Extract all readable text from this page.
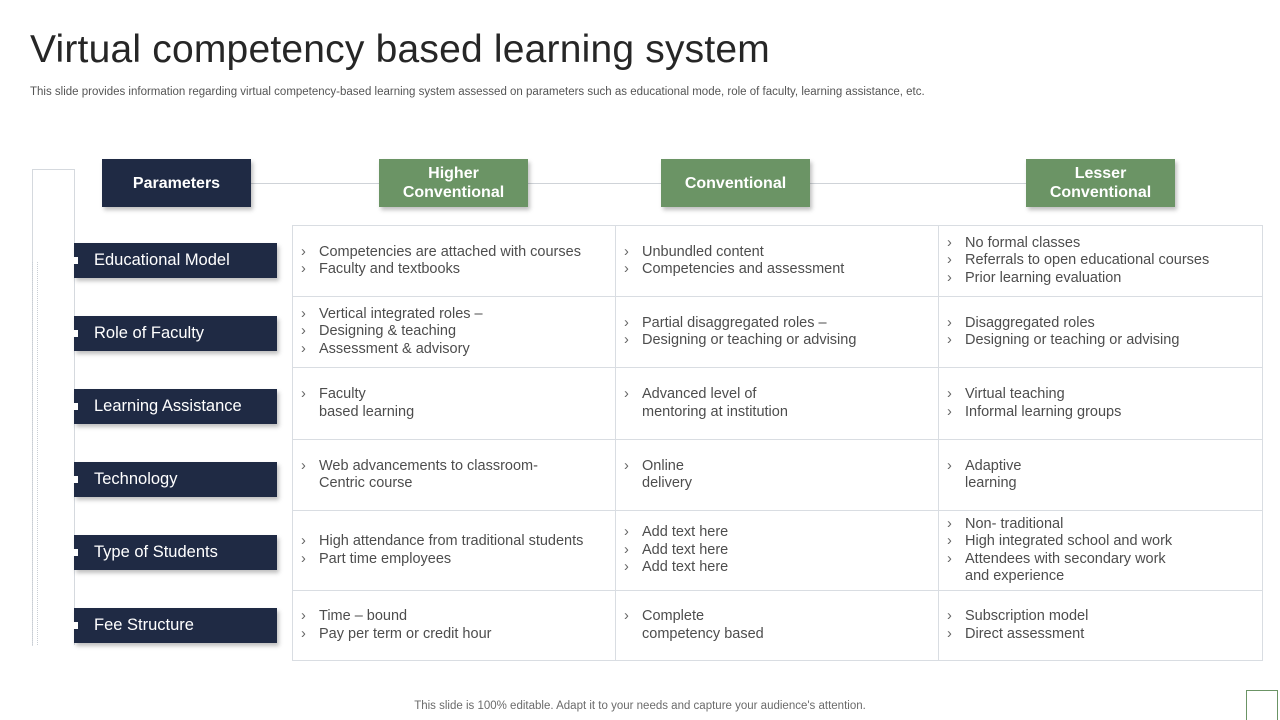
Virtual competency based learning system
This slide provides information regarding virtual competency-based learning system assessed on parameters such as educational mode, role of faculty, learning assistance, etc.
Parameters
Higher
Conventional
Conventional
Lesser
Conventional
Educational Model
Role of Faculty
Learning Assistance
Technology
Type of Students
Fee Structure
› Competencies are attached with courses
› Faculty and textbooks
› Unbundled content
› Competencies and assessment
› No formal classes
› Referrals to open educational courses
› Prior learning evaluation
› Vertical integrated roles –
› Designing & teaching
› Assessment & advisory
› Partial disaggregated roles –
› Designing or teaching or advising
› Disaggregated roles
› Designing or teaching or advising
› Faculty
based learning
› Advanced level of
mentoring at institution
› Virtual teaching
› Informal learning groups
› Web advancements to classroom-
Centric course
› Online
delivery
› Adaptive
learning
› High attendance from traditional students
› Part time employees
› Add text here
› Add text here
› Add text here
› Non- traditional
› High integrated school and work
› Attendees with secondary work
and experience
› Time – bound
› Pay per term or credit hour
› Complete
competency based
› Subscription model
› Direct assessment
This slide is 100% editable. Adapt it to your needs and capture your audience's attention.
